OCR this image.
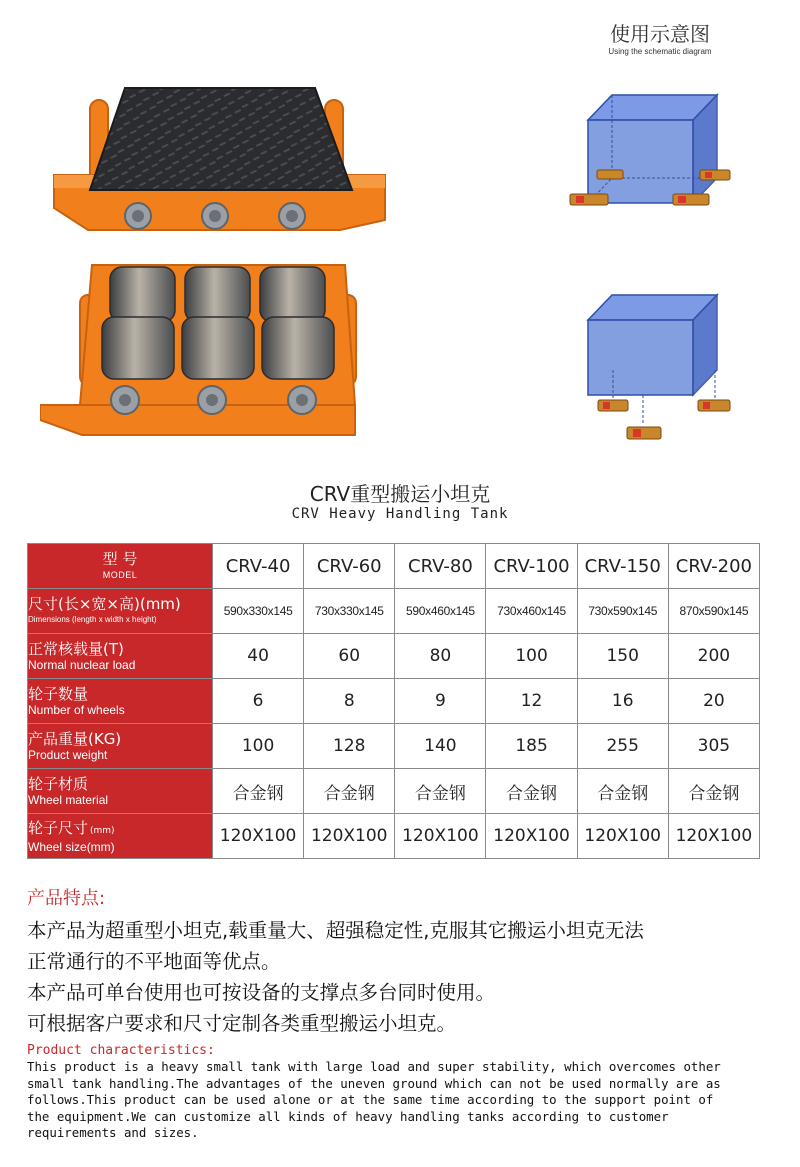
使用示意图
Using the schematic diagram
CRV重型搬运小坦克
CRV Heavy Handling Tank
型 号
MODEL	CRV-40	CRV-60	CRV-80	CRV-100	CRV-150	CRV-200

尺寸(长×宽×高)(mm)
Dimensions (length x width x height)	590x330x145	730x330x145	590x460x145	730x460x145	730x590x145	870x590x145

正常核载量(T)
Normal nuclear load	40	60	80	100	150	200

轮子数量
Number of wheels	6	8	9	12	16	20

产品重量(KG)
Product weight	100	128	140	185	255	305

轮子材质
Wheel material	合金钢	合金钢	合金钢	合金钢	合金钢	合金钢

轮子尺寸 (mm)
Wheel size(mm)	120X100	120X100	120X100	120X100	120X100	120X100
产品特点:
本产品为超重型小坦克,载重量大、超强稳定性,克服其它搬运小坦克无法
正常通行的不平地面等优点。
本产品可单台使用也可按设备的支撑点多台同时使用。
可根据客户要求和尺寸定制各类重型搬运小坦克。
Product characteristics:
This product is a heavy small tank with large load and super stability, which overcomes other
small tank handling.The advantages of the uneven ground which can not be used normally are as
follows.This product can be used alone or at the same time according to the support point of
the equipment.We can customize all kinds of heavy handling tanks according to customer
requirements and sizes.
